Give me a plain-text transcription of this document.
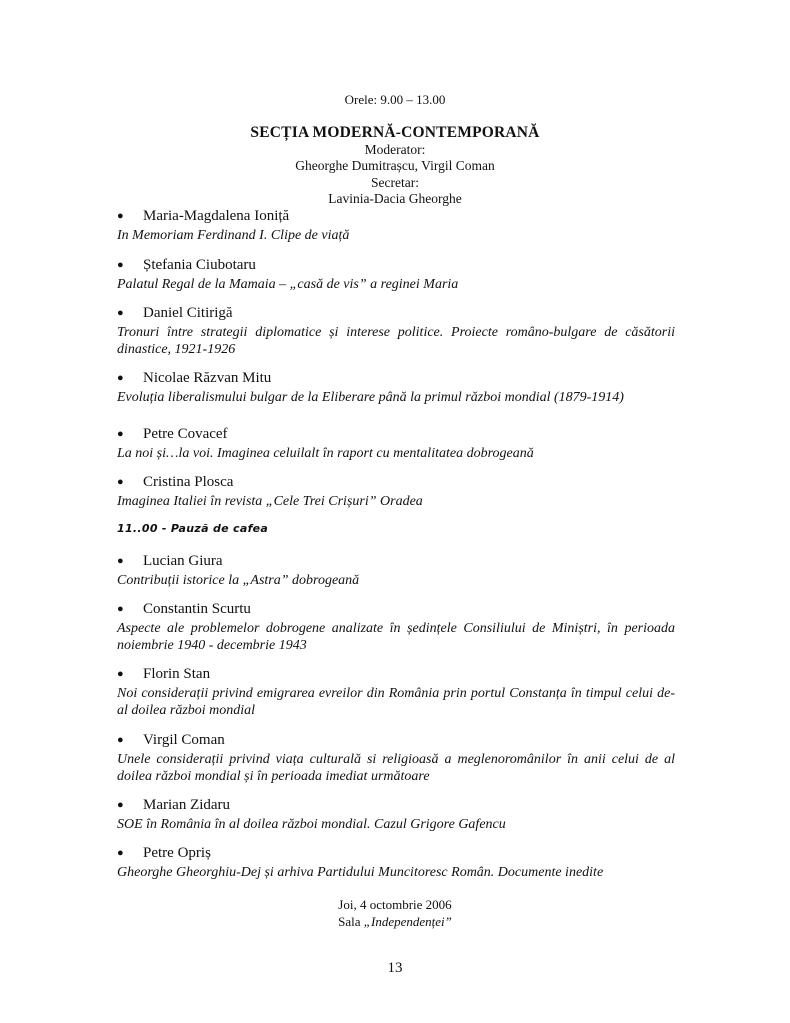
Orele: 9.00 – 13.00
SECȚIA MODERNĂ-CONTEMPORANĂ
Moderator:
Gheorghe Dumitrașcu, Virgil Coman
Secretar:
Lavinia-Dacia Gheorghe
●	Maria-Magdalena Ioniță
In Memoriam Ferdinand I. Clipe de viață
●	Ștefania Ciubotaru
Palatul Regal de la Mamaia – „casă de vis” a reginei Maria
●	Daniel Citirigă
Tronuri între strategii diplomatice și interese politice. Proiecte româno-bulgare de căsătorii dinastice, 1921-1926
●	Nicolae Răzvan Mitu
Evoluția liberalismului bulgar de la Eliberare până la primul război mondial (1879-1914)
●	Petre Covacef
La noi și…la voi. Imaginea celuilalt în raport cu mentalitatea dobrogeană
●	Cristina Plosca
Imaginea Italiei în revista „Cele Trei Crișuri” Oradea
11..00 - Pauză de cafea
●	Lucian Giura
Contribuții istorice la „Astra” dobrogeană
●	Constantin Scurtu
Aspecte ale problemelor dobrogene analizate în ședințele Consiliului de Miniștri, în perioada noiembrie 1940 - decembrie 1943
●	Florin Stan
Noi considerații privind emigrarea evreilor din România prin portul Constanța în timpul celui de-al doilea război mondial
●	Virgil Coman
Unele considerații privind viața culturală si religioasă a meglenoromânilor în anii celui de al doilea război mondial și în perioada imediat următoare
●	Marian Zidaru
SOE în România în al doilea război mondial. Cazul Grigore Gafencu
●	Petre Opriș
Gheorghe Gheorghiu-Dej și arhiva Partidului Muncitoresc Român. Documente inedite
Joi, 4 octombrie 2006
Sala „Independenței”
13
